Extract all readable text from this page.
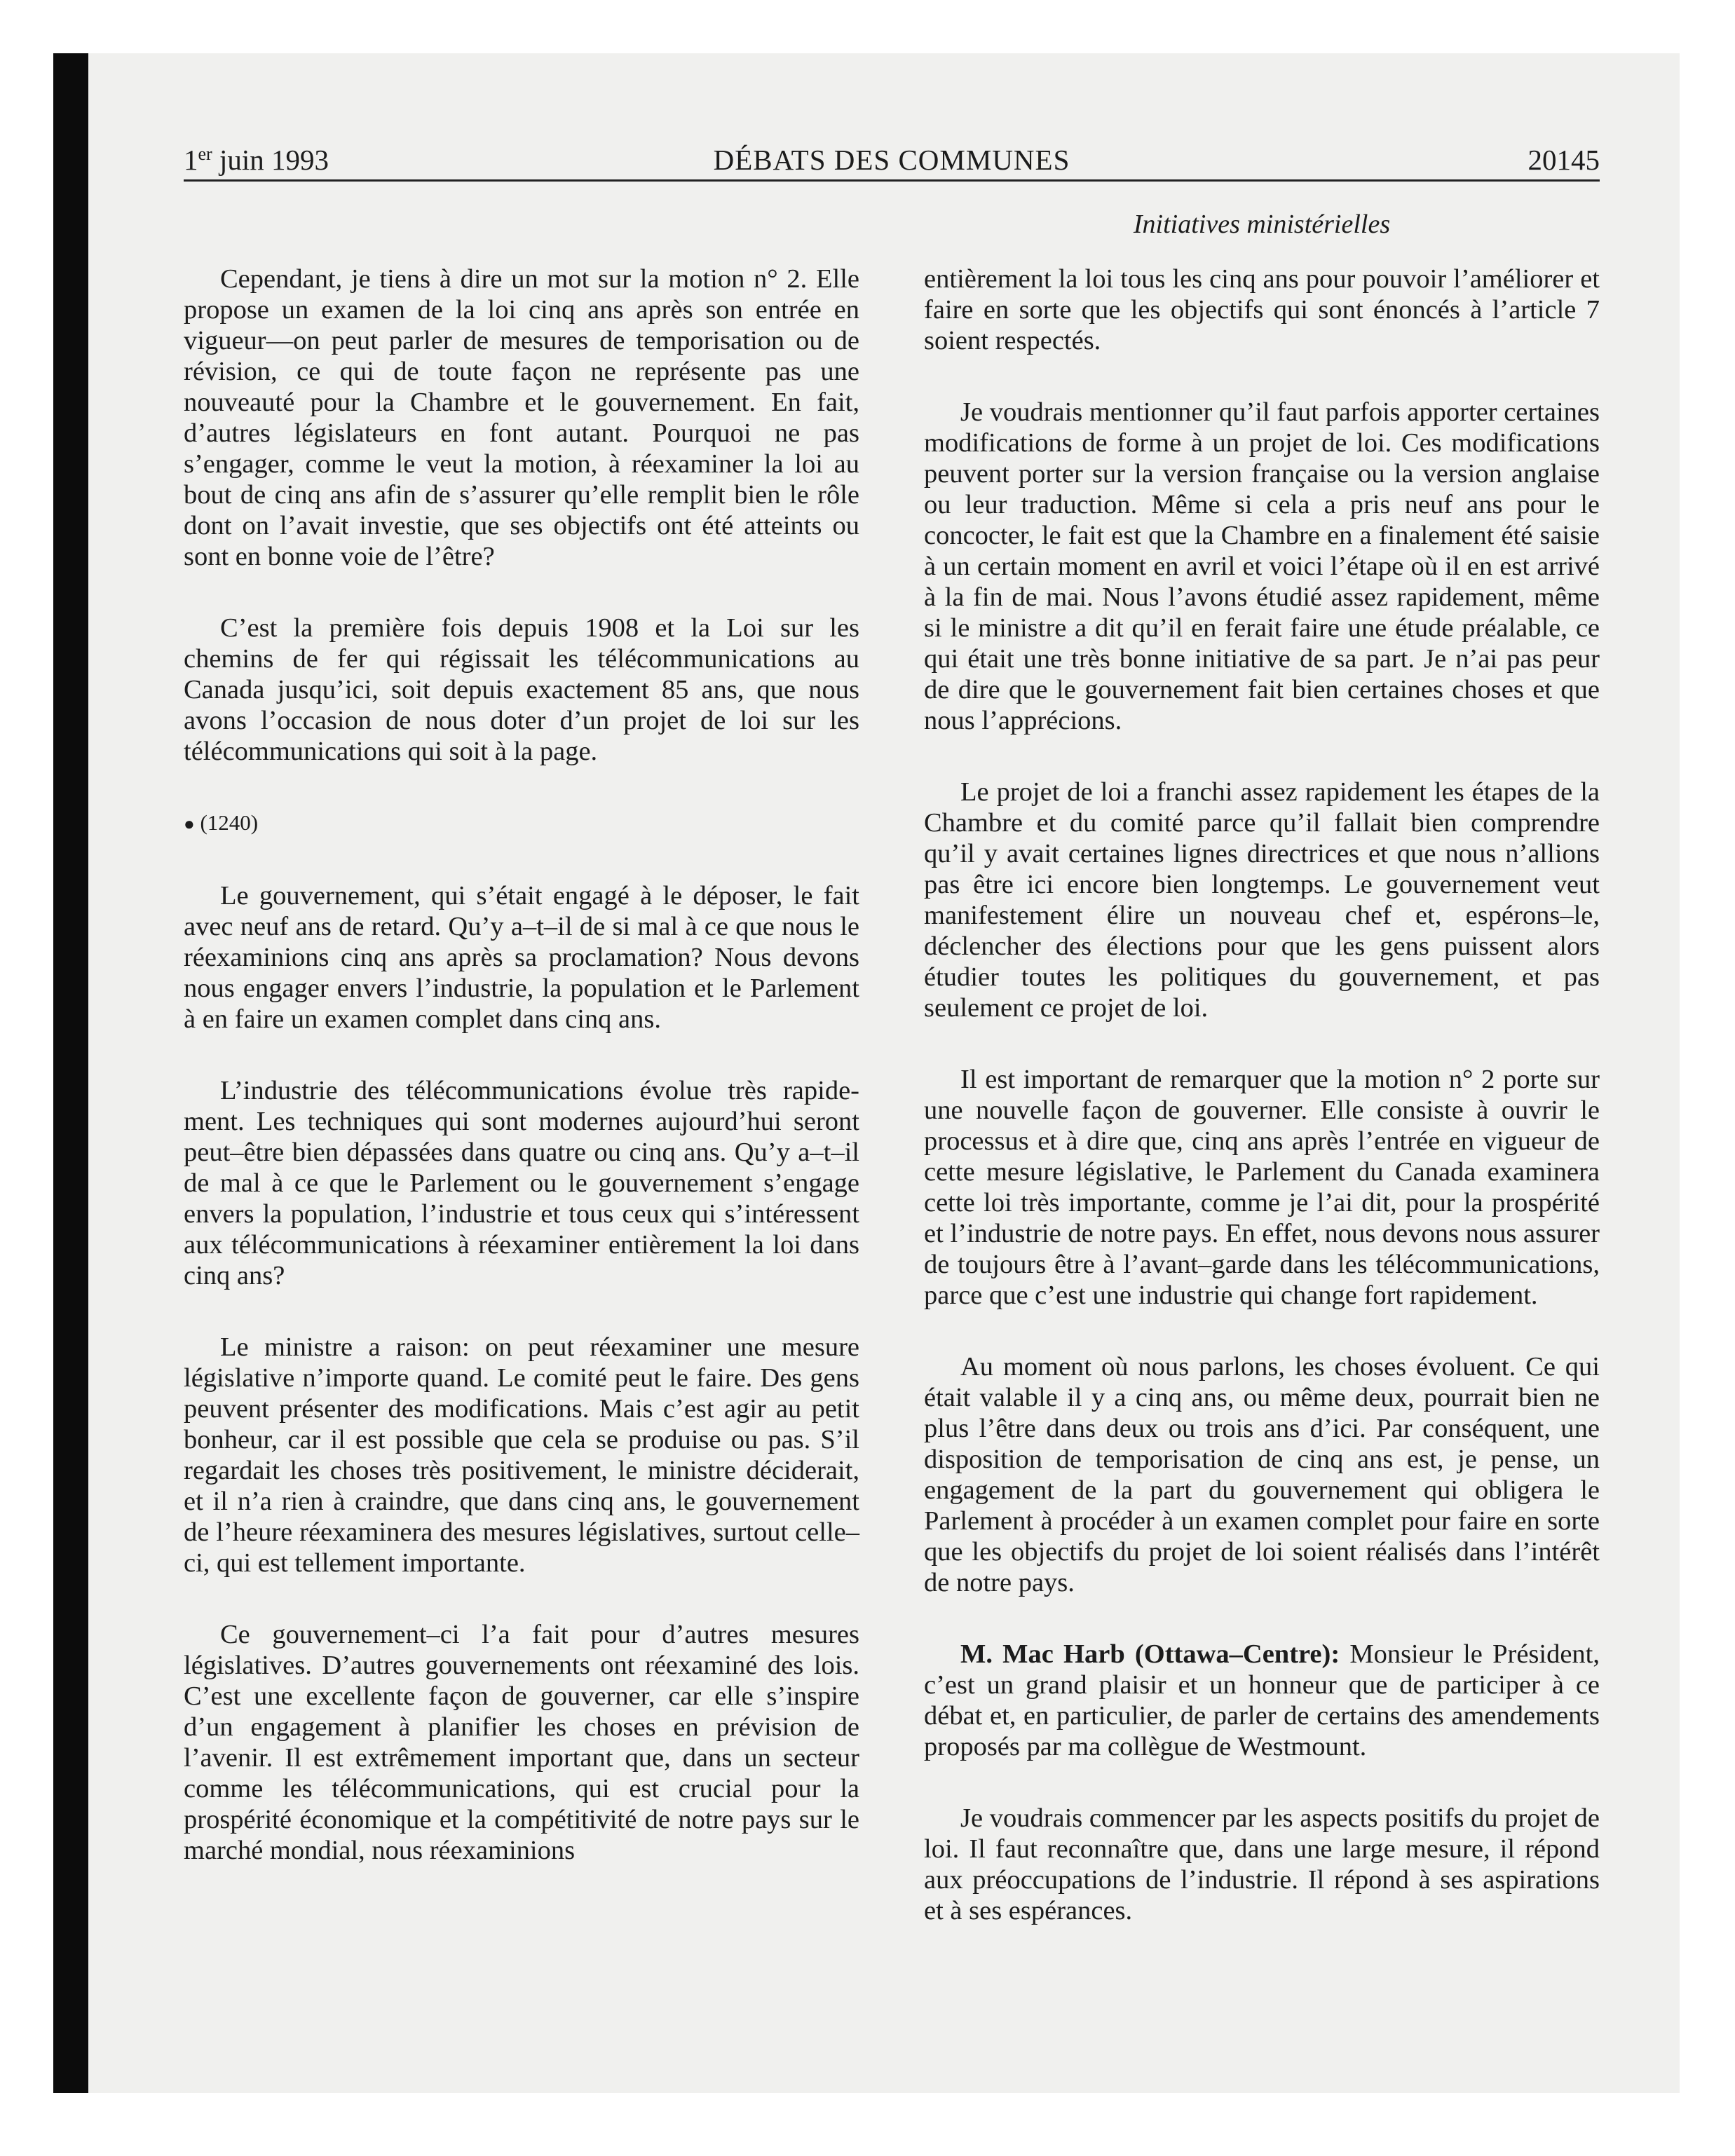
1er juin 1993	DÉBATS DES COMMUNES	20145
Initiatives ministérielles

Cependant, je tiens à dire un mot sur la motion n° 2. Elle propose un examen de la loi cinq ans après son entrée en vigueur—on peut parler de mesures de temporisation ou de révision, ce qui de toute façon ne représente pas une nouveauté pour la Chambre et le gouvernement. En fait, d’autres législateurs en font autant. Pourquoi ne pas s’engager, comme le veut la motion, à réexaminer la loi au bout de cinq ans afin de s’assurer qu’elle remplit bien le rôle dont on l’avait investie, que ses objectifs ont été atteints ou sont en bonne voie de l’être?

C’est la première fois depuis 1908 et la Loi sur les chemins de fer qui régissait les télécommunications au Canada jusqu’ici, soit depuis exactement 85 ans, que nous avons l’occasion de nous doter d’un projet de loi sur les télécommunications qui soit à la page.

● (1240)

Le gouvernement, qui s’était engagé à le déposer, le fait avec neuf ans de retard. Qu’y a–t–il de si mal à ce que nous le réexaminions cinq ans après sa proclamation? Nous devons nous engager envers l’industrie, la population et le Parlement à en faire un examen complet dans cinq ans.

L’industrie des télécommunications évolue très rapidement. Les techniques qui sont modernes aujourd’hui seront peut–être bien dépassées dans quatre ou cinq ans. Qu’y a–t–il de mal à ce que le Parlement ou le gouvernement s’engage envers la population, l’industrie et tous ceux qui s’intéressent aux télécommunications à réexaminer entièrement la loi dans cinq ans?

Le ministre a raison: on peut réexaminer une mesure législative n’importe quand. Le comité peut le faire. Des gens peuvent présenter des modifications. Mais c’est agir au petit bonheur, car il est possible que cela se produise ou pas. S’il regardait les choses très positivement, le ministre déciderait, et il n’a rien à craindre, que dans cinq ans, le gouvernement de l’heure réexaminera des mesures législatives, surtout celle–ci, qui est tellement importante.

Ce gouvernement–ci l’a fait pour d’autres mesures législatives. D’autres gouvernements ont réexaminé des lois. C’est une excellente façon de gouverner, car elle s’inspire d’un engagement à planifier les choses en prévision de l’avenir. Il est extrêmement important que, dans un secteur comme les télécommunications, qui est crucial pour la prospérité économique et la compétitivité de notre pays sur le marché mondial, nous réexaminions

entièrement la loi tous les cinq ans pour pouvoir l’améliorer et faire en sorte que les objectifs qui sont énoncés à l’article 7 soient respectés.

Je voudrais mentionner qu’il faut parfois apporter certaines modifications de forme à un projet de loi. Ces modifications peuvent porter sur la version française ou la version anglaise ou leur traduction. Même si cela a pris neuf ans pour le concocter, le fait est que la Chambre en a finalement été saisie à un certain moment en avril et voici l’étape où il en est arrivé à la fin de mai. Nous l’avons étudié assez rapidement, même si le ministre a dit qu’il en ferait faire une étude préalable, ce qui était une très bonne initiative de sa part. Je n’ai pas peur de dire que le gouvernement fait bien certaines choses et que nous l’apprécions.

Le projet de loi a franchi assez rapidement les étapes de la Chambre et du comité parce qu’il fallait bien comprendre qu’il y avait certaines lignes directrices et que nous n’allions pas être ici encore bien longtemps. Le gouvernement veut manifestement élire un nouveau chef et, espérons–le, déclencher des élections pour que les gens puissent alors étudier toutes les politiques du gouvernement, et pas seulement ce projet de loi.

Il est important de remarquer que la motion n° 2 porte sur une nouvelle façon de gouverner. Elle consiste à ouvrir le processus et à dire que, cinq ans après l’entrée en vigueur de cette mesure législative, le Parlement du Canada examinera cette loi très importante, comme je l’ai dit, pour la prospérité et l’industrie de notre pays. En effet, nous devons nous assurer de toujours être à l’avant–garde dans les télécommunications, parce que c’est une industrie qui change fort rapidement.

Au moment où nous parlons, les choses évoluent. Ce qui était valable il y a cinq ans, ou même deux, pourrait bien ne plus l’être dans deux ou trois ans d’ici. Par conséquent, une disposition de temporisation de cinq ans est, je pense, un engagement de la part du gouvernement qui obligera le Parlement à procéder à un examen complet pour faire en sorte que les objectifs du projet de loi soient réalisés dans l’intérêt de notre pays.

M. Mac Harb (Ottawa–Centre): Monsieur le Président, c’est un grand plaisir et un honneur que de participer à ce débat et, en particulier, de parler de certains des amendements proposés par ma collègue de Westmount.

Je voudrais commencer par les aspects positifs du projet de loi. Il faut reconnaître que, dans une large mesure, il répond aux préoccupations de l’industrie. Il répond à ses aspirations et à ses espérances.
